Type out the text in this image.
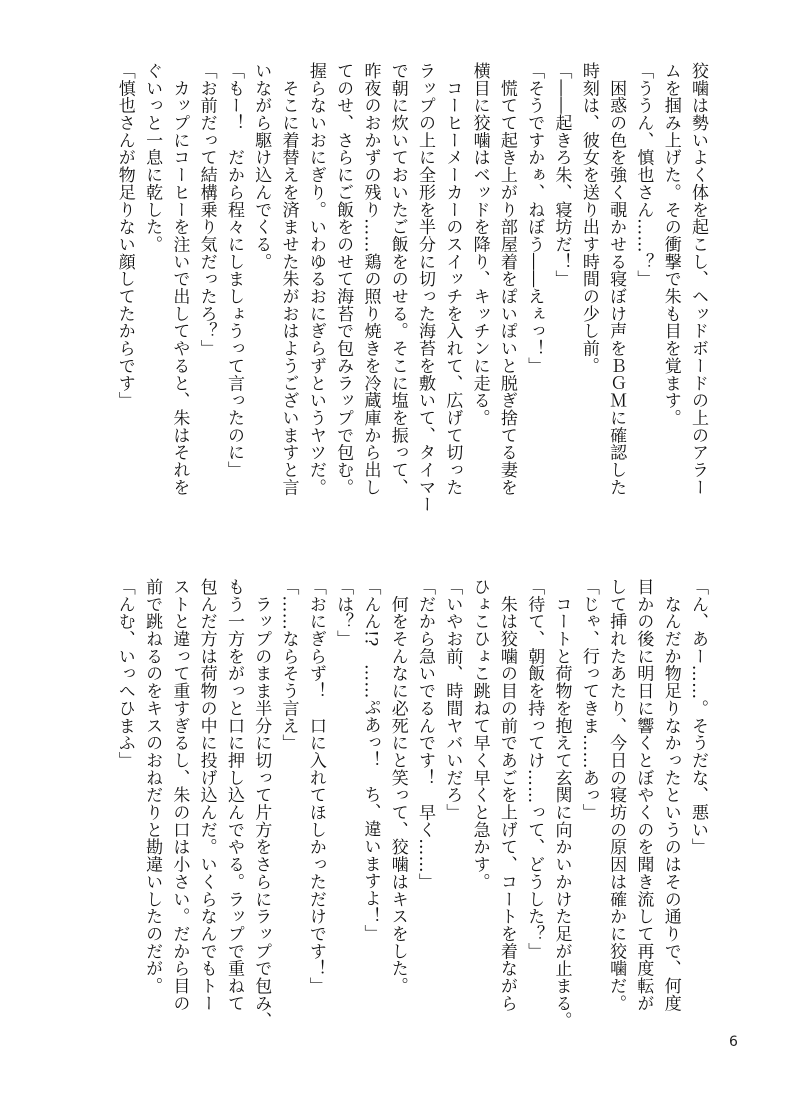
狡噛は勢いよく体を起こし、ヘッドボードの上のアラー
ムを掴み上げた。その衝撃で朱も目を覚ます。
「ううん、慎也さん……？」
　困惑の色を強く覗かせる寝ぼけ声をＢＧＭに確認した
時刻は、彼女を送り出す時間の少し前。
「――起きろ朱、寝坊だ！」
「そうですかぁ、ねぼう――えぇっ！」
　慌てて起き上がり部屋着をぽいぽいと脱ぎ捨てる妻を
横目に狡噛はベッドを降り、キッチンに走る。
　コーヒーメーカーのスイッチを入れて、広げて切った
ラップの上に全形を半分に切った海苔を敷いて、タイマー
で朝に炊いておいたご飯をのせる。そこに塩を振って、
昨夜のおかずの残り……鶏の照り焼きを冷蔵庫から出し
てのせ、さらにご飯をのせて海苔で包みラップで包む。
握らないおにぎり。いわゆるおにぎらずというヤツだ。
　そこに着替えを済ませた朱がおはようございますと言
いながら駆け込んでくる。
「もー！　だから程々にしましょうって言ったのに」
「お前だって結構乗り気だったろ？」
　カップにコーヒーを注いで出してやると、朱はそれを
ぐいっと一息に乾した。
「慎也さんが物足りない顔してたからです」
「ん、あー……。そうだな、悪い」
　なんだか物足りなかったというのはその通りで、何度
目かの後に明日に響くとぼやくのを聞き流して再度転が
して挿れたあたり、今日の寝坊の原因は確かに狡噛だ。
「じゃ、行ってきま……あっ」
　コートと荷物を抱えて玄関に向かいかけた足が止まる。
「待て、朝飯を持ってけ……って、どうした？」
　朱は狡噛の目の前であごを上げて、コートを着ながら
ひょこひょこ跳ねて早く早くと急かす。
「いやお前、時間ヤバいだろ」
「だから急いでるんです！　早く……」
　何をそんなに必死にと笑って、狡噛はキスをした。
「んん!?　……ぷあっ！　ち、違いますよ！」
「は？」
「おにぎらず！　口に入れてほしかっただけです！」
「……ならそう言え」
　ラップのまま半分に切って片方をさらにラップで包み、
もう一方をがっと口に押し込んでやる。ラップで重ねて
包んだ方は荷物の中に投げ込んだ。いくらなんでもトー
ストと違って重すぎるし、朱の口は小さい。だから目の
前で跳ねるのをキスのおねだりと勘違いしたのだが。
「んむ、いっへひまふ」
6
